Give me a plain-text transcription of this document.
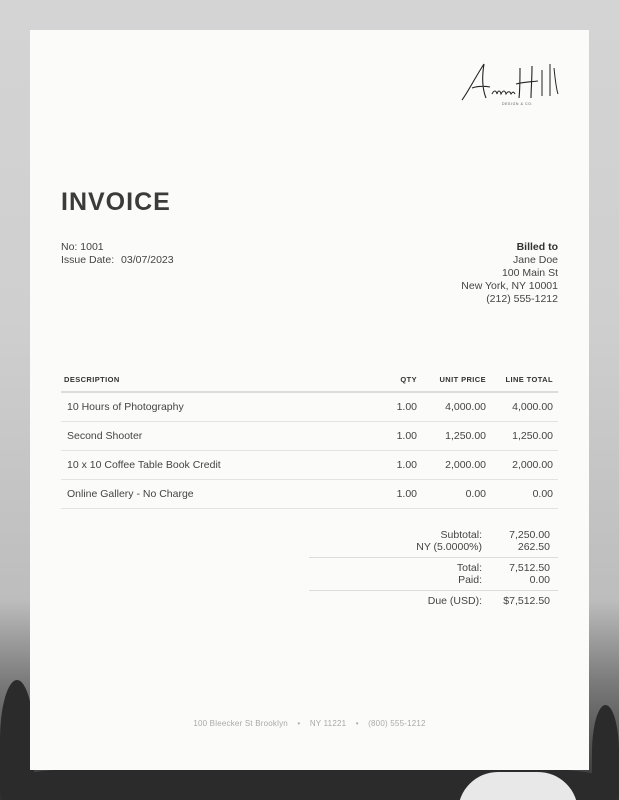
DESIGN & CO.
INVOICE
No: 1001
Issue Date: 03/07/2023
Billed to
Jane Doe
100 Main St
New York, NY 10001
(212) 555-1212
DESCRIPTION	QTY	UNIT PRICE	LINE TOTAL
10 Hours of Photography	1.00	4,000.00	4,000.00
Second Shooter	1.00	1,250.00	1,250.00
10 x 10 Coffee Table Book Credit	1.00	2,000.00	2,000.00
Online Gallery - No Charge	1.00	0.00	0.00
Subtotal:	7,250.00
NY (5.0000%)	262.50
Total:	7,512.50
Paid:	0.00
Due (USD):	$7,512.50
100 Bleecker St Brooklyn • NY 11221 • (800) 555-1212
